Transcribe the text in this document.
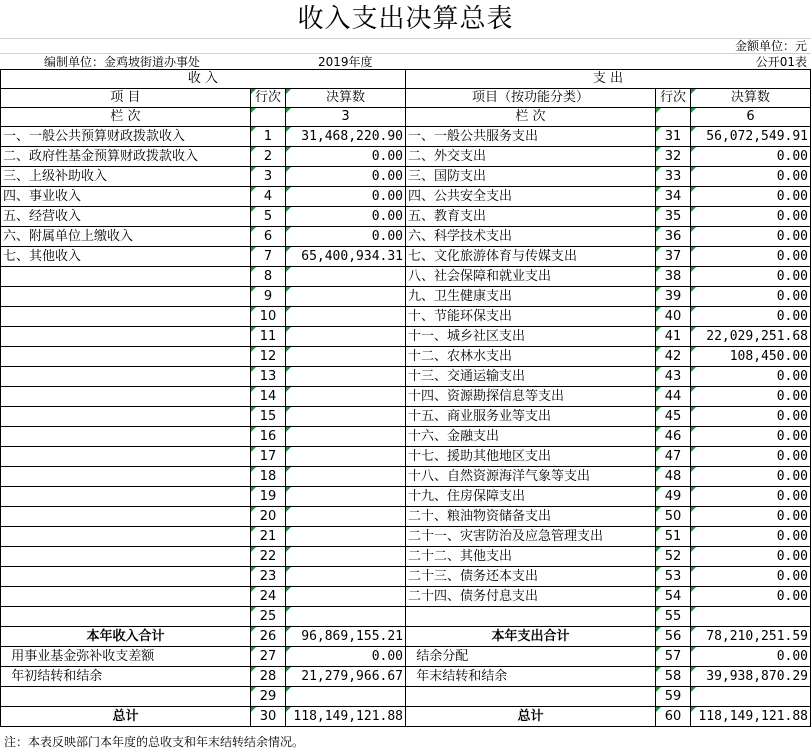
收入支出决算总表
金额单位：元
编制单位：金鸡坡街道办事处	2019年度	公开01表
收 入			支 出		
项 目	行次	决算数	项目（按功能分类）	行次	决算数
栏 次		3	栏 次		6
一、一般公共预算财政拨款收入	1	31,468,220.90	一、一般公共服务支出	31	56,072,549.91
二、政府性基金预算财政拨款收入	2	0.00	二、外交支出	32	0.00
三、上级补助收入	3	0.00	三、国防支出	33	0.00
四、事业收入	4	0.00	四、公共安全支出	34	0.00
五、经营收入	5	0.00	五、教育支出	35	0.00
六、附属单位上缴收入	6	0.00	六、科学技术支出	36	0.00
七、其他收入	7	65,400,934.31	七、文化旅游体育与传媒支出	37	0.00
	8		八、社会保障和就业支出	38	0.00
	9		九、卫生健康支出	39	0.00
	10		十、节能环保支出	40	0.00
	11		十一、城乡社区支出	41	22,029,251.68
	12		十二、农林水支出	42	108,450.00
	13		十三、交通运输支出	43	0.00
	14		十四、资源勘探信息等支出	44	0.00
	15		十五、商业服务业等支出	45	0.00
	16		十六、金融支出	46	0.00
	17		十七、援助其他地区支出	47	0.00
	18		十八、自然资源海洋气象等支出	48	0.00
	19		十九、住房保障支出	49	0.00
	20		二十、粮油物资储备支出	50	0.00
	21		二十一、灾害防治及应急管理支出	51	0.00
	22		二十二、其他支出	52	0.00
	23		二十三、债务还本支出	53	0.00
	24		二十四、债务付息支出	54	0.00
	25			55	
本年收入合计	26	96,869,155.21	本年支出合计	56	78,210,251.59
用事业基金弥补收支差额	27	0.00	结余分配	57	0.00
年初结转和结余	28	21,279,966.67	年末结转和结余	58	39,938,870.29
	29			59	
总计	30	118,149,121.88	总计	60	118,149,121.88
注：本表反映部门本年度的总收支和年末结转结余情况。
